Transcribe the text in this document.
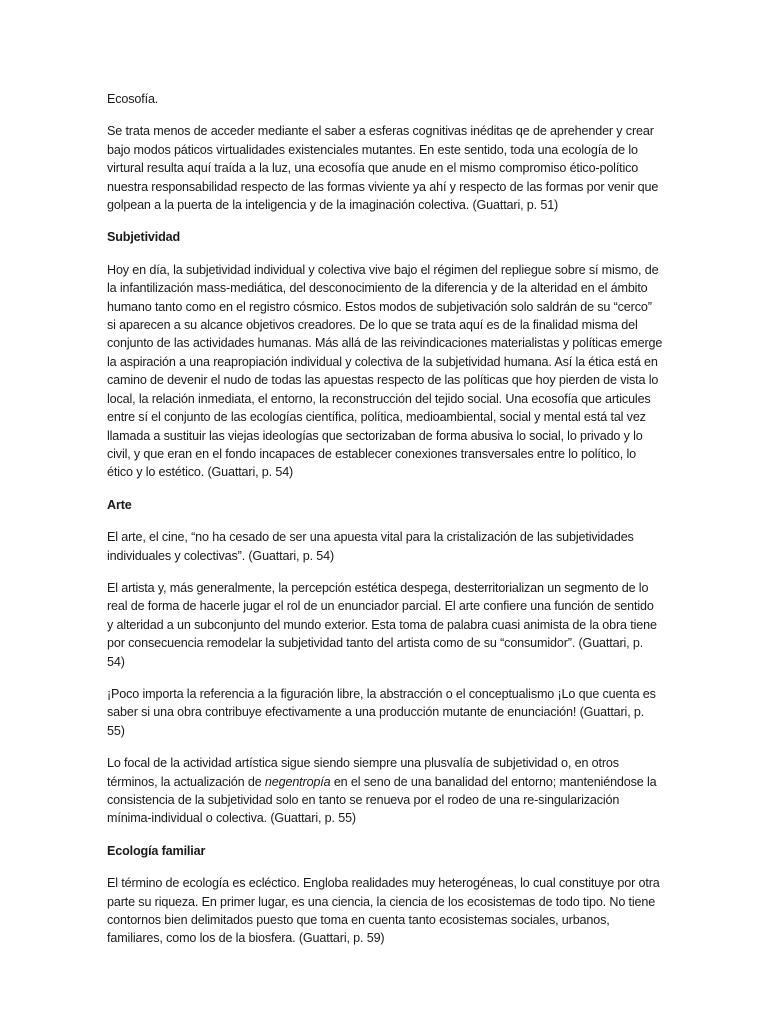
Ecosofía.

Se trata menos de acceder mediante el saber a esferas cognitivas inéditas qe de aprehender y crear bajo modos páticos virtualidades existenciales mutantes. En este sentido, toda una ecología de lo virtural resulta aquí traída a la luz, una ecosofía que anude en el mismo compromiso ético-político nuestra responsabilidad respecto de las formas viviente ya ahí y respecto de las formas por venir que golpean a la puerta de la inteligencia y de la imaginación colectiva. (Guattari, p. 51)

Subjetividad

Hoy en día, la subjetividad individual y colectiva vive bajo el régimen del repliegue sobre sí mismo, de la infantilización mass-mediática, del desconocimiento de la diferencia y de la alteridad en el ámbito humano tanto como en el registro cósmico. Estos modos de subjetivación solo saldrán de su “cerco” si aparecen a su alcance objetivos creadores. De lo que se trata aquí es de la finalidad misma del conjunto de las actividades humanas. Más allá de las reivindicaciones materialistas y políticas emerge la aspiración a una reapropiación individual y colectiva de la subjetividad humana. Así la ética está en camino de devenir el nudo de todas las apuestas respecto de las políticas que hoy pierden de vista lo local, la relación inmediata, el entorno, la reconstrucción del tejido social. Una ecosofía que articules entre sí el conjunto de las ecologías científica, política, medioambiental, social y mental está tal vez llamada a sustituir las viejas ideologías que sectorizaban de forma abusiva lo social, lo privado y lo civil, y que eran en el fondo incapaces de establecer conexiones transversales entre lo político, lo ético y lo estético. (Guattari, p. 54)

Arte

El arte, el cine, “no ha cesado de ser una apuesta vital para la cristalización de las subjetividades individuales y colectivas”. (Guattari, p. 54)

El artista y, más generalmente, la percepción estética despega, desterritorializan un segmento de lo real de forma de hacerle jugar el rol de un enunciador parcial. El arte confiere una función de sentido y alteridad a un subconjunto del mundo exterior. Esta toma de palabra cuasi animista de la obra tiene por consecuencia remodelar la subjetividad tanto del artista como de su “consumidor”. (Guattari, p. 54)

¡Poco importa la referencia a la figuración libre, la abstracción o el conceptualismo ¡Lo que cuenta es saber si una obra contribuye efectivamente a una producción mutante de enunciación! (Guattari, p. 55)

Lo focal de la actividad artística sigue siendo siempre una plusvalía de subjetividad o, en otros términos, la actualización de negentropía en el seno de una banalidad del entorno; manteniéndose la consistencia de la subjetividad solo en tanto se renueva por el rodeo de una re-singularización mínima-individual o colectiva. (Guattari, p. 55)

Ecología familiar

El término de ecología es ecléctico. Engloba realidades muy heterogéneas, lo cual constituye por otra parte su riqueza. En primer lugar, es una ciencia, la ciencia de los ecosistemas de todo tipo. No tiene contornos bien delimitados puesto que toma en cuenta tanto ecosistemas sociales, urbanos, familiares, como los de la biosfera. (Guattari, p. 59)
